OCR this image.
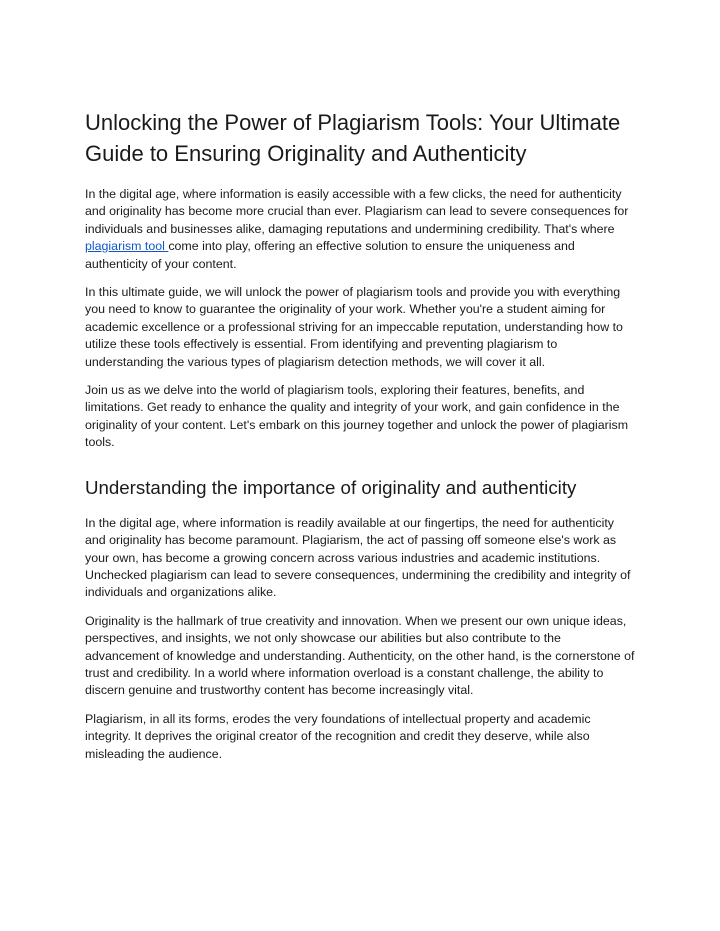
Unlocking the Power of Plagiarism Tools: Your Ultimate Guide to Ensuring Originality and Authenticity

In the digital age, where information is easily accessible with a few clicks, the need for authenticity and originality has become more crucial than ever. Plagiarism can lead to severe consequences for individuals and businesses alike, damaging reputations and undermining credibility. That's where plagiarism tool come into play, offering an effective solution to ensure the uniqueness and authenticity of your content.

In this ultimate guide, we will unlock the power of plagiarism tools and provide you with everything you need to know to guarantee the originality of your work. Whether you're a student aiming for academic excellence or a professional striving for an impeccable reputation, understanding how to utilize these tools effectively is essential. From identifying and preventing plagiarism to understanding the various types of plagiarism detection methods, we will cover it all.

Join us as we delve into the world of plagiarism tools, exploring their features, benefits, and limitations. Get ready to enhance the quality and integrity of your work, and gain confidence in the originality of your content. Let's embark on this journey together and unlock the power of plagiarism tools.

Understanding the importance of originality and authenticity

In the digital age, where information is readily available at our fingertips, the need for authenticity and originality has become paramount. Plagiarism, the act of passing off someone else's work as your own, has become a growing concern across various industries and academic institutions. Unchecked plagiarism can lead to severe consequences, undermining the credibility and integrity of individuals and organizations alike.

Originality is the hallmark of true creativity and innovation. When we present our own unique ideas, perspectives, and insights, we not only showcase our abilities but also contribute to the advancement of knowledge and understanding. Authenticity, on the other hand, is the cornerstone of trust and credibility. In a world where information overload is a constant challenge, the ability to discern genuine and trustworthy content has become increasingly vital.

Plagiarism, in all its forms, erodes the very foundations of intellectual property and academic integrity. It deprives the original creator of the recognition and credit they deserve, while also misleading the audience.
